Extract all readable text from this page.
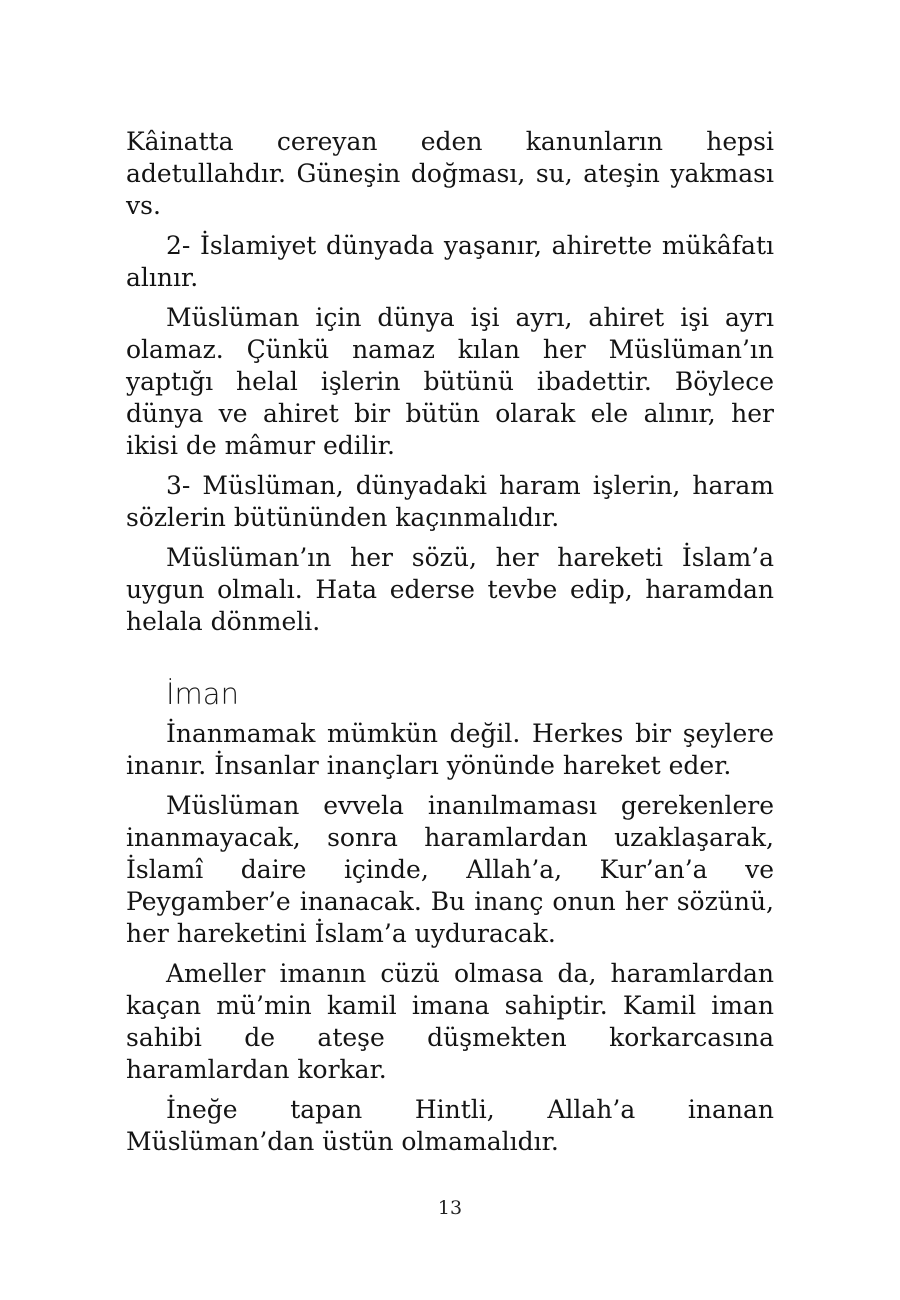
Kâinatta cereyan eden kanunların hepsi adetullahdır. Güneşin doğması, su, ateşin yakması vs.

2- İslamiyet dünyada yaşanır, ahirette mükâfatı alınır.

Müslüman için dünya işi ayrı, ahiret işi ayrı olamaz. Çünkü namaz kılan her Müslüman’ın yaptığı helal işlerin bütünü ibadettir. Böylece dünya ve ahiret bir bütün olarak ele alınır, her ikisi de mâmur edilir.

3- Müslüman, dünyadaki haram işlerin, haram sözlerin bütününden kaçınmalıdır.

Müslüman’ın her sözü, her hareketi İslam’a uygun olmalı. Hata ederse tevbe edip, haramdan helala dönmeli.

İman

İnanmamak mümkün değil. Herkes bir şeylere inanır. İnsanlar inançları yönünde hareket eder.

Müslüman evvela inanılmaması gerekenlere inanmayacak, sonra haramlardan uzaklaşarak, İslamî daire içinde, Allah’a, Kur’an’a ve Peygamber’e inanacak. Bu inanç onun her sözünü, her hareketini İslam’a uyduracak.

Ameller imanın cüzü olmasa da, haramlardan kaçan mü’min kamil imana sahiptir. Kamil iman sahibi de ateşe düşmekten korkarcasına haramlardan korkar.

İneğe tapan Hintli, Allah’a inanan Müslüman’dan üstün olmamalıdır.

13
